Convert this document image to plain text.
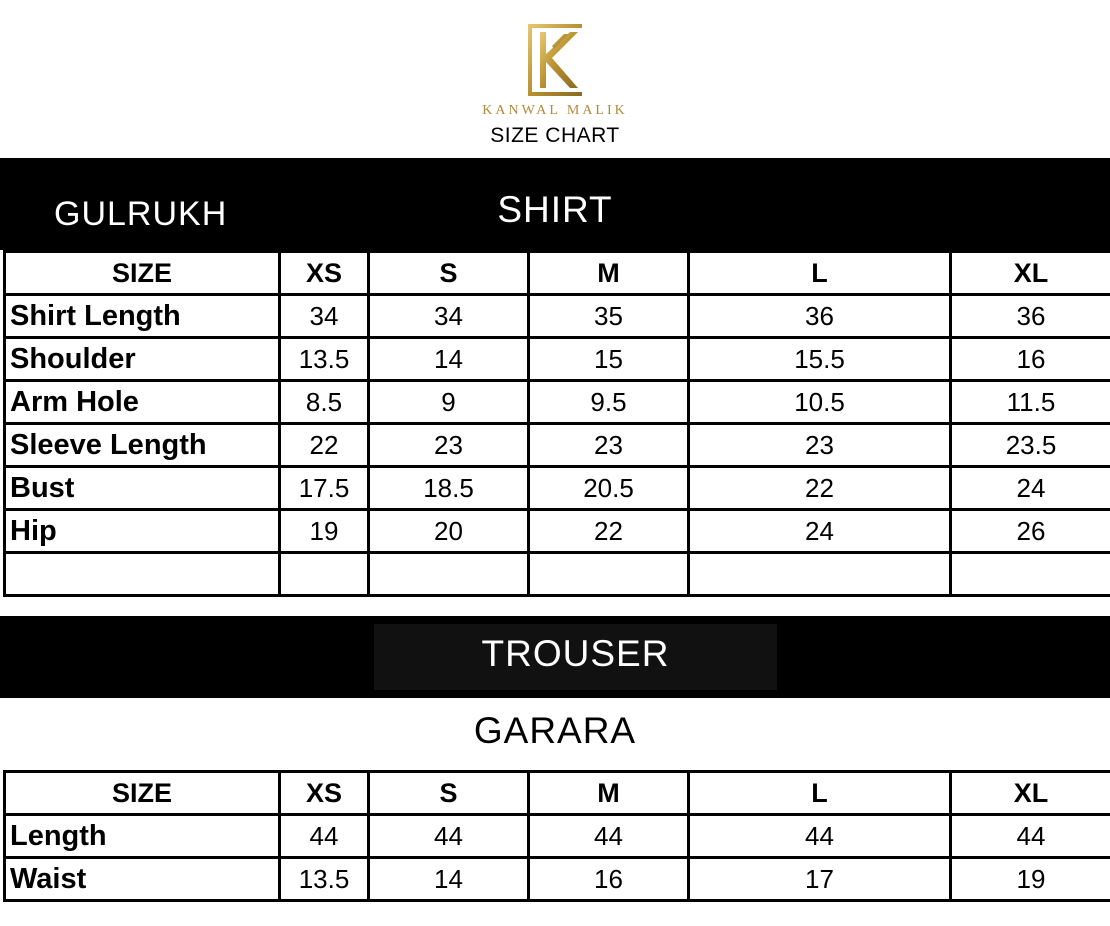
KANWAL MALIK
SIZE CHART
GULRUKH	SHIRT
SIZE	XS	S	M	L	XL
Shirt Length	34	34	35	36	36
Shoulder	13.5	14	15	15.5	16
Arm Hole	8.5	9	9.5	10.5	11.5
Sleeve Length	22	23	23	23	23.5
Bust	17.5	18.5	20.5	22	24
Hip	19	20	22	24	26

TROUSER
GARARA
SIZE	XS	S	M	L	XL
Length	44	44	44	44	44
Waist	13.5	14	16	17	19
